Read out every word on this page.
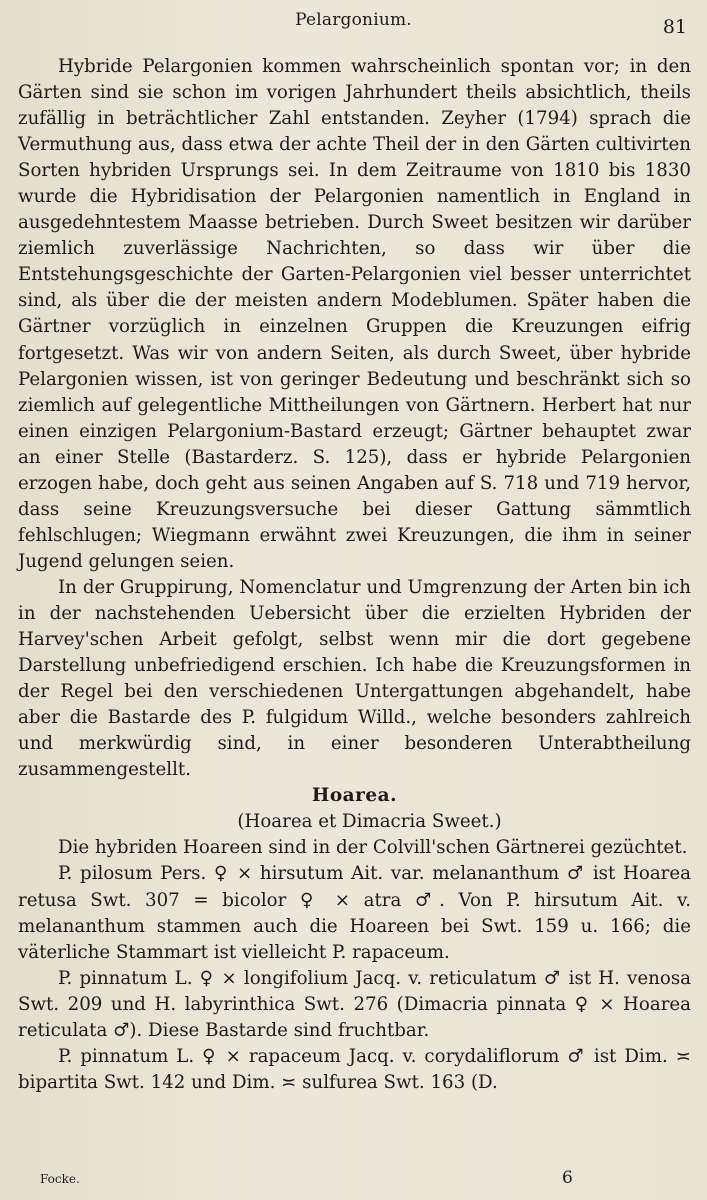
Pelargonium.	81

Hybride Pelargonien kommen wahrscheinlich spontan vor; in den Gärten sind sie schon im vorigen Jahrhundert theils absichtlich, theils zufällig in beträchtlicher Zahl entstanden. Zeyher (1794) sprach die Vermuthung aus, dass etwa der achte Theil der in den Gärten cultivirten Sorten hybriden Ursprungs sei. In dem Zeitraume von 1810 bis 1830 wurde die Hybridisation der Pelargonien namentlich in England in ausgedehntestem Maasse betrieben. Durch Sweet besitzen wir darüber ziemlich zuverlässige Nachrichten, so dass wir über die Entstehungsgeschichte der Garten-Pelargonien viel besser unterrichtet sind, als über die der meisten andern Modeblumen. Später haben die Gärtner vorzüglich in einzelnen Gruppen die Kreuzungen eifrig fortgesetzt. Was wir von andern Seiten, als durch Sweet, über hybride Pelargonien wissen, ist von geringer Bedeutung und beschränkt sich so ziemlich auf gelegentliche Mittheilungen von Gärtnern. Herbert hat nur einen einzigen Pelargonium-Bastard erzeugt; Gärtner behauptet zwar an einer Stelle (Bastarderz. S. 125), dass er hybride Pelargonien erzogen habe, doch geht aus seinen Angaben auf S. 718 und 719 hervor, dass seine Kreuzungsversuche bei dieser Gattung sämmtlich fehlschlugen; Wiegmann erwähnt zwei Kreuzungen, die ihm in seiner Jugend gelungen seien.

In der Gruppirung, Nomenclatur und Umgrenzung der Arten bin ich in der nachstehenden Uebersicht über die erzielten Hybriden der Harvey'schen Arbeit gefolgt, selbst wenn mir die dort gegebene Darstellung unbefriedigend erschien. Ich habe die Kreuzungsformen in der Regel bei den verschiedenen Untergattungen abgehandelt, habe aber die Bastarde des P. fulgidum Willd., welche besonders zahlreich und merkwürdig sind, in einer besonderen Unterabtheilung zusammengestellt.

Hoarea.
(Hoarea et Dimacria Sweet.)

Die hybriden Hoareen sind in der Colvill'schen Gärtnerei gezüchtet.

P. pilosum Pers. ♀ ⨯ hirsutum Ait. var. melananthum ♂ ist Hoarea retusa Swt. 307 = bicolor ♀ ⨯ atra ♂. Von P. hirsutum Ait. v. melananthum stammen auch die Hoareen bei Swt. 159 u. 166; die väterliche Stammart ist vielleicht P. rapaceum.

P. pinnatum L. ♀ ⨯ longifolium Jacq. v. reticulatum ♂ ist H. venosa Swt. 209 und H. labyrinthica Swt. 276 (Dimacria pinnata ♀ ⨯ Hoarea reticulata ♂). Diese Bastarde sind fruchtbar.

P. pinnatum L. ♀ ⨯ rapaceum Jacq. v. corydaliflorum ♂ ist Dim. ≍ bipartita Swt. 142 und Dim. ≍ sulfurea Swt. 163 (D.

Focke.	6
